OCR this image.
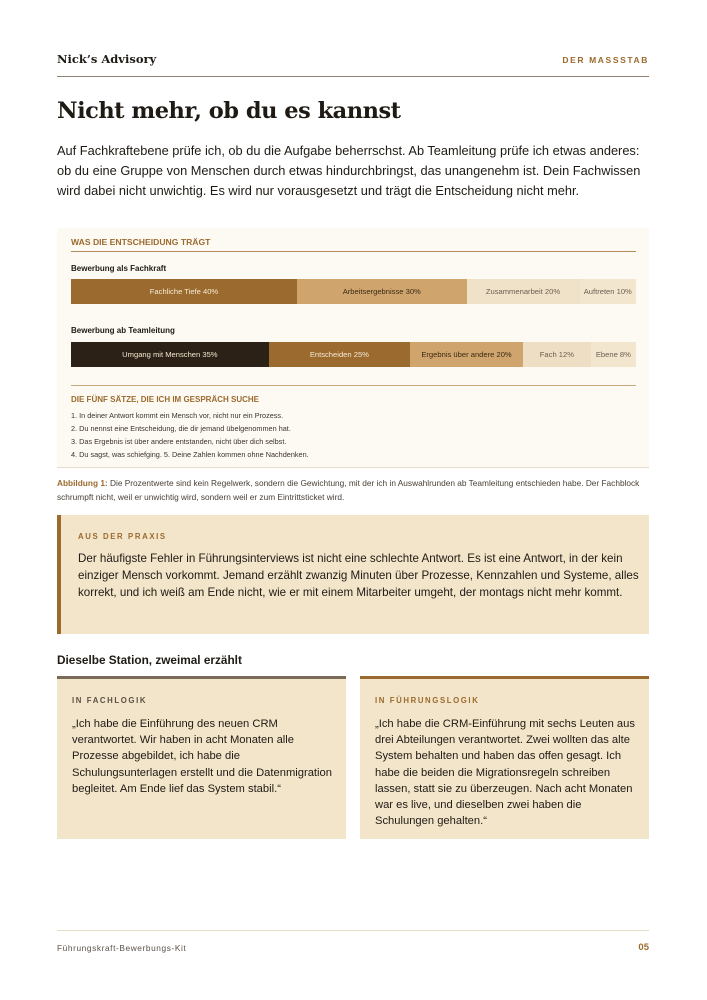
Nick’s Advisory	DER MASSSTAB
Nicht mehr, ob du es kannst

Auf Fachkraftebene prüfe ich, ob du die Aufgabe beherrschst. Ab Teamleitung prüfe ich etwas anderes: ob du eine Gruppe von Menschen durch etwas hindurchbringst, das unangenehm ist. Dein Fachwissen wird dabei nicht unwichtig. Es wird nur vorausgesetzt und trägt die Entscheidung nicht mehr.

WAS DIE ENTSCHEIDUNG TRÄGT
Bewerbung als Fachkraft
Fachliche Tiefe 40%	Arbeitsergebnisse 30%	Zusammenarbeit 20%	Auftreten 10%
Bewerbung ab Teamleitung
Umgang mit Menschen 35%	Entscheiden 25%	Ergebnis über andere 20%	Fach 12%	Ebene 8%
DIE FÜNF SÄTZE, DIE ICH IM GESPRÄCH SUCHE
1. In deiner Antwort kommt ein Mensch vor, nicht nur ein Prozess.
2. Du nennst eine Entscheidung, die dir jemand übelgenommen hat.
3. Das Ergebnis ist über andere entstanden, nicht über dich selbst.
4. Du sagst, was schiefging. 5. Deine Zahlen kommen ohne Nachdenken.

Abbildung 1: Die Prozentwerte sind kein Regelwerk, sondern die Gewichtung, mit der ich in Auswahlrunden ab Teamleitung entschieden habe. Der Fachblock schrumpft nicht, weil er unwichtig wird, sondern weil er zum Eintrittsticket wird.

AUS DER PRAXIS

Der häufigste Fehler in Führungsinterviews ist nicht eine schlechte Antwort. Es ist eine Antwort, in der kein einziger Mensch vorkommt. Jemand erzählt zwanzig Minuten über Prozesse, Kennzahlen und Systeme, alles korrekt, und ich weiß am Ende nicht, wie er mit einem Mitarbeiter umgeht, der montags nicht mehr kommt.

Dieselbe Station, zweimal erzählt
IN FACHLOGIK

„Ich habe die Einführung des neuen CRM verantwortet. Wir haben in acht Monaten alle Prozesse abgebildet, ich habe die Schulungsunterlagen erstellt und die Datenmigration begleitet. Am Ende lief das System stabil.“

IN FÜHRUNGSLOGIK

„Ich habe die CRM-Einführung mit sechs Leuten aus drei Abteilungen verantwortet. Zwei wollten das alte System behalten und haben das offen gesagt. Ich habe die beiden die Migrationsregeln schreiben lassen, statt sie zu überzeugen. Nach acht Monaten war es live, und dieselben zwei haben die Schulungen gehalten.“

Führungskraft-Bewerbungs-Kit	05
